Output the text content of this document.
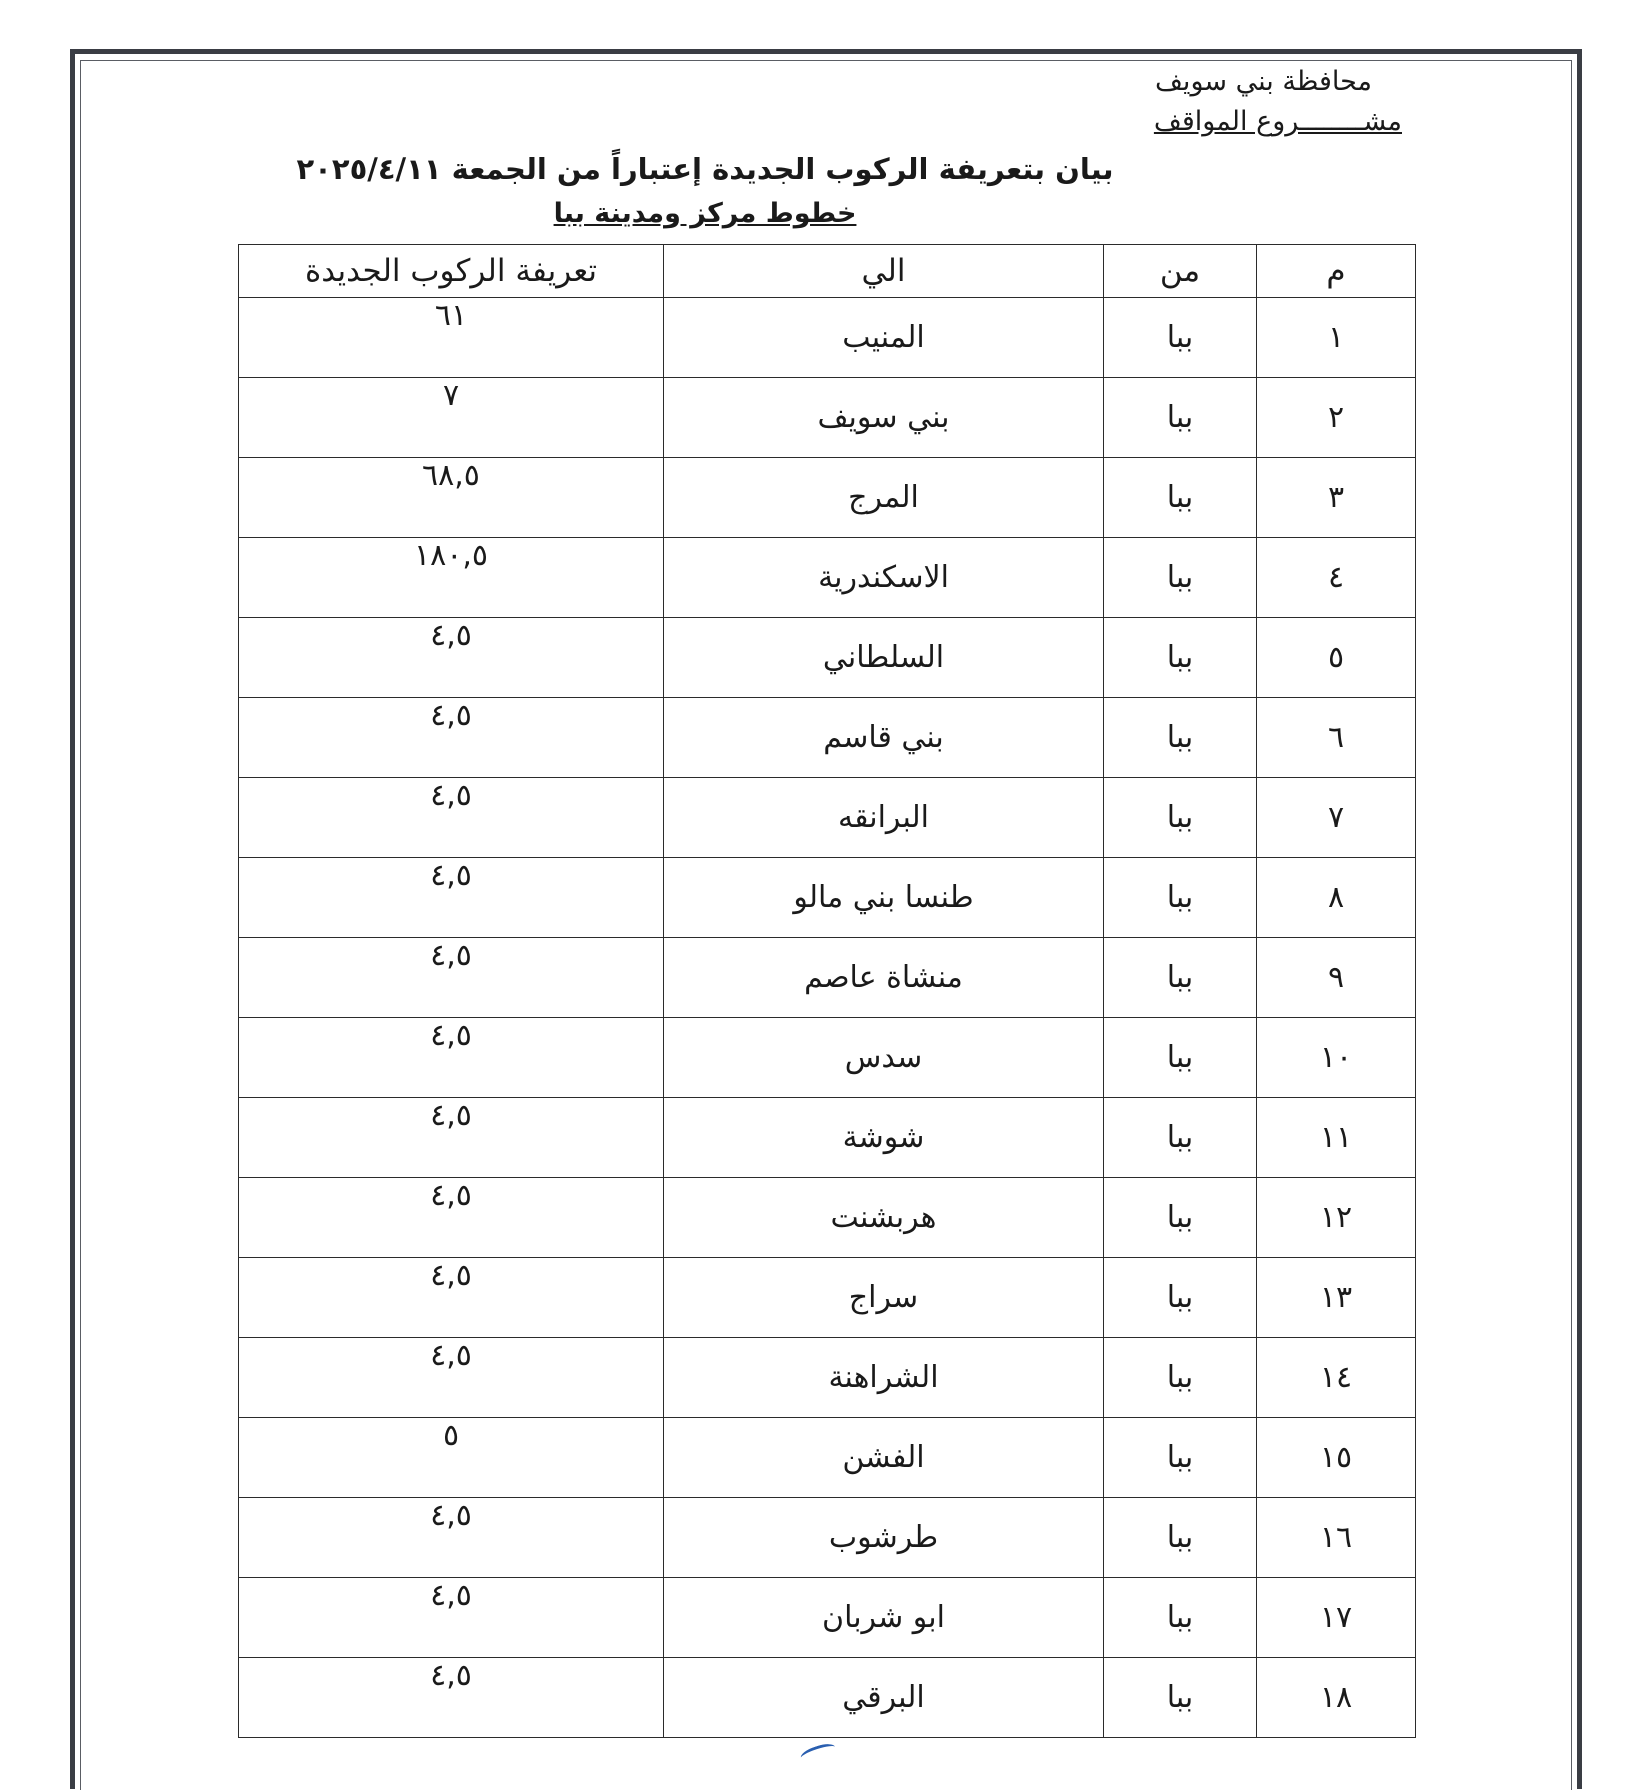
محافظة بني سويف
مشــــــــروع المواقف
بيان بتعريفة الركوب الجديدة إعتباراً من الجمعة ٢٠٢٥/٤/١١
خطوط مركز ومدينة ببا
م	من	الي	تعريفة الركوب الجديدة
١	ببا	المنيب	٦١
٢	ببا	بني سويف	٧
٣	ببا	المرج	٦٨,٥
٤	ببا	الاسكندرية	١٨٠,٥
٥	ببا	السلطاني	٤,٥
٦	ببا	بني قاسم	٤,٥
٧	ببا	البرانقه	٤,٥
٨	ببا	طنسا بني مالو	٤,٥
٩	ببا	منشاة عاصم	٤,٥
١٠	ببا	سدس	٤,٥
١١	ببا	شوشة	٤,٥
١٢	ببا	هربشنت	٤,٥
١٣	ببا	سراج	٤,٥
١٤	ببا	الشراهنة	٤,٥
١٥	ببا	الفشن	٥
١٦	ببا	طرشوب	٤,٥
١٧	ببا	ابو شربان	٤,٥
١٨	ببا	البرقي	٤,٥
